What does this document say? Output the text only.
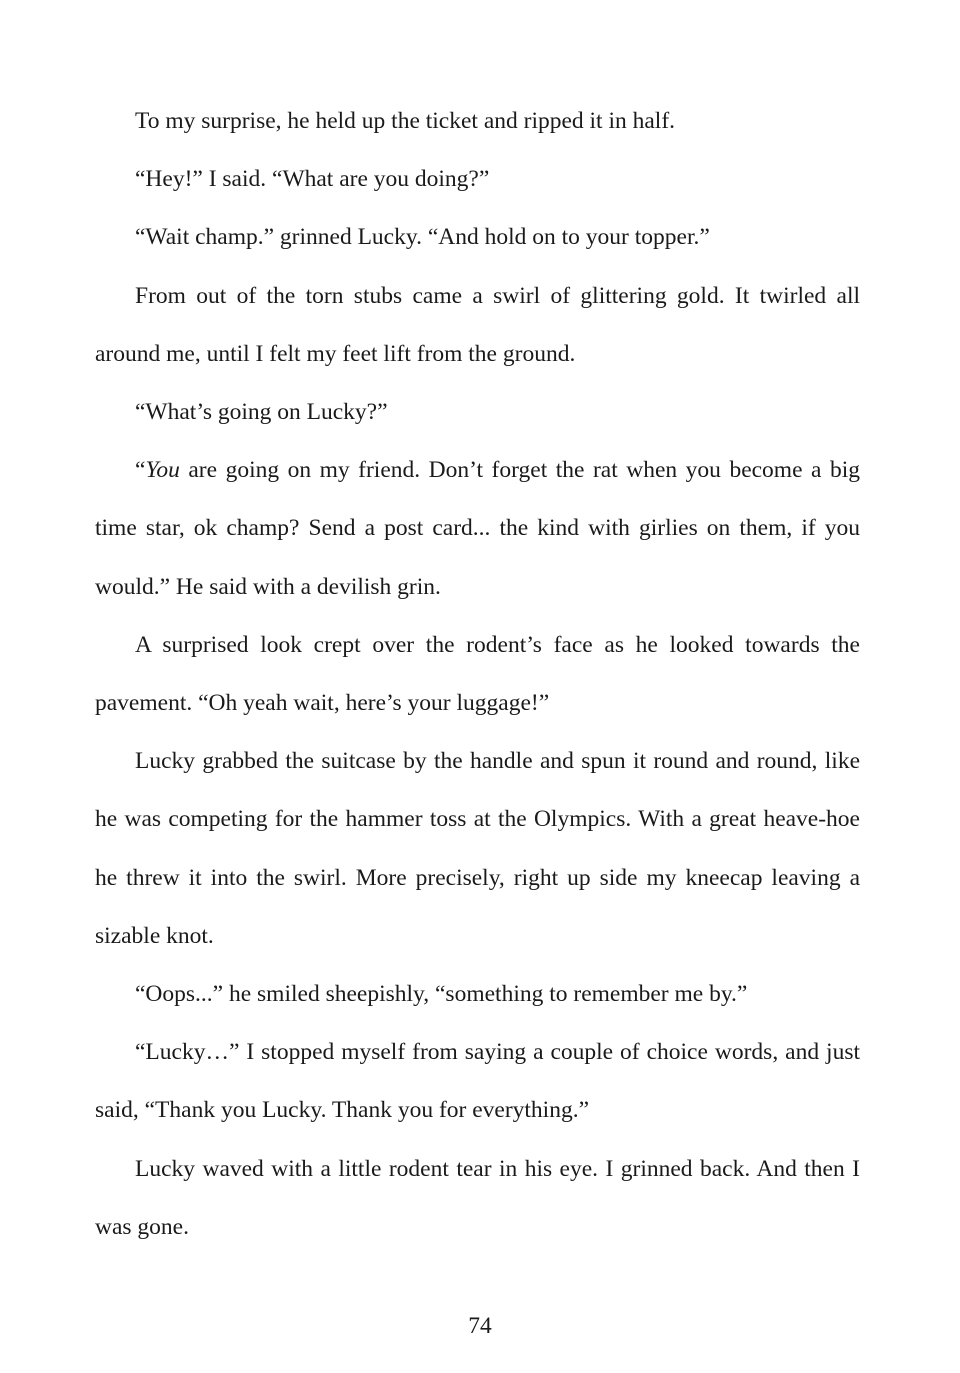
To my surprise, he held up the ticket and ripped it in half.

“Hey!” I said. “What are you doing?”

“Wait champ.” grinned Lucky. “And hold on to your topper.”

From out of the torn stubs came a swirl of glittering gold. It twirled all around me, until I felt my feet lift from the ground.

“What’s going on Lucky?”

“You are going on my friend. Don’t forget the rat when you become a big time star, ok champ? Send a post card... the kind with girlies on them, if you would.” He said with a devilish grin.

A surprised look crept over the rodent’s face as he looked towards the pavement. “Oh yeah wait, here’s your luggage!”

Lucky grabbed the suitcase by the handle and spun it round and round, like he was competing for the hammer toss at the Olympics. With a great heave-hoe he threw it into the swirl. More precisely, right up side my kneecap leaving a sizable knot.

“Oops...” he smiled sheepishly, “something to remember me by.”

“Lucky…” I stopped myself from saying a couple of choice words, and just said, “Thank you Lucky. Thank you for everything.”

Lucky waved with a little rodent tear in his eye. I grinned back. And then I was gone.

74
